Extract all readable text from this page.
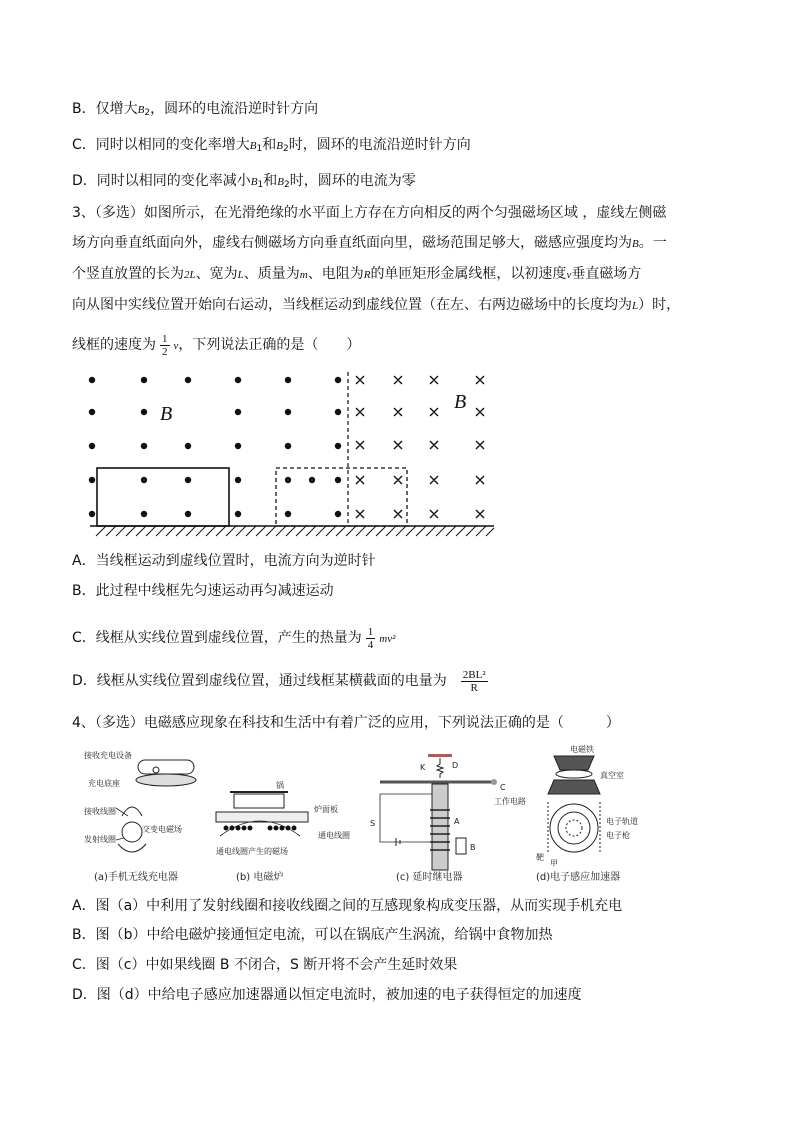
B．仅增大$B_2$，圆环的电流沿逆时针方向
C．同时以相同的变化率增大$B_1$和$B_2$时，圆环的电流沿逆时针方向
D．同时以相同的变化率减小$B_1$和$B_2$时，圆环的电流为零
3、（多选）如图所示，在光滑绝缘的水平面上方存在方向相反的两个匀强磁场区域 ，虚线左侧磁
场方向垂直纸面向外，虚线右侧磁场方向垂直纸面向里，磁场范围足够大，磁感应强度均为B。一
个竖直放置的长为2L、宽为L、质量为m、电阻为R的单匝矩形金属线框，以初速度v垂直磁场方
向从图中实线位置开始向右运动，当线框运动到虚线位置（在左、右两边磁场中的长度均为L）时，
线框的速度为 $\frac{1}{2}$ v，下列说法正确的是（　　）
B
B
A．当线框运动到虚线位置时，电流方向为逆时针
B．此过程中线框先匀速运动再匀减速运动
C．线框从实线位置到虚线位置，产生的热量为 $\frac{1}{4} mv^2$
D．线框从实线位置到虚线位置，通过线框某横截面的电量为 $\frac{\text{2BL²}}{R}$
4、（多选）电磁感应现象在科技和生活中有着广泛的应用，下列说法正确的是（　　　）
接收充电设备
充电底座
接收线圈
交变电磁场
发射线圈
(a)手机无线充电器
锅
炉面板
通电线圈
通电线圈产生的磁场
(b) 电磁炉
K	D
C
工作电路
A
B
S
(c) 延时继电器
电磁铁
真空室
电子轨道
电子枪
甲
靶
(d)电子感应加速器
A．图（a）中利用了发射线圈和接收线圈之间的互感现象构成变压器，从而实现手机充电
B．图（b）中给电磁炉接通恒定电流，可以在锅底产生涡流，给锅中食物加热
C．图（c）中如果线圈 B 不闭合，S 断开将不会产生延时效果
D．图（d）中给电子感应加速器通以恒定电流时，被加速的电子获得恒定的加速度
